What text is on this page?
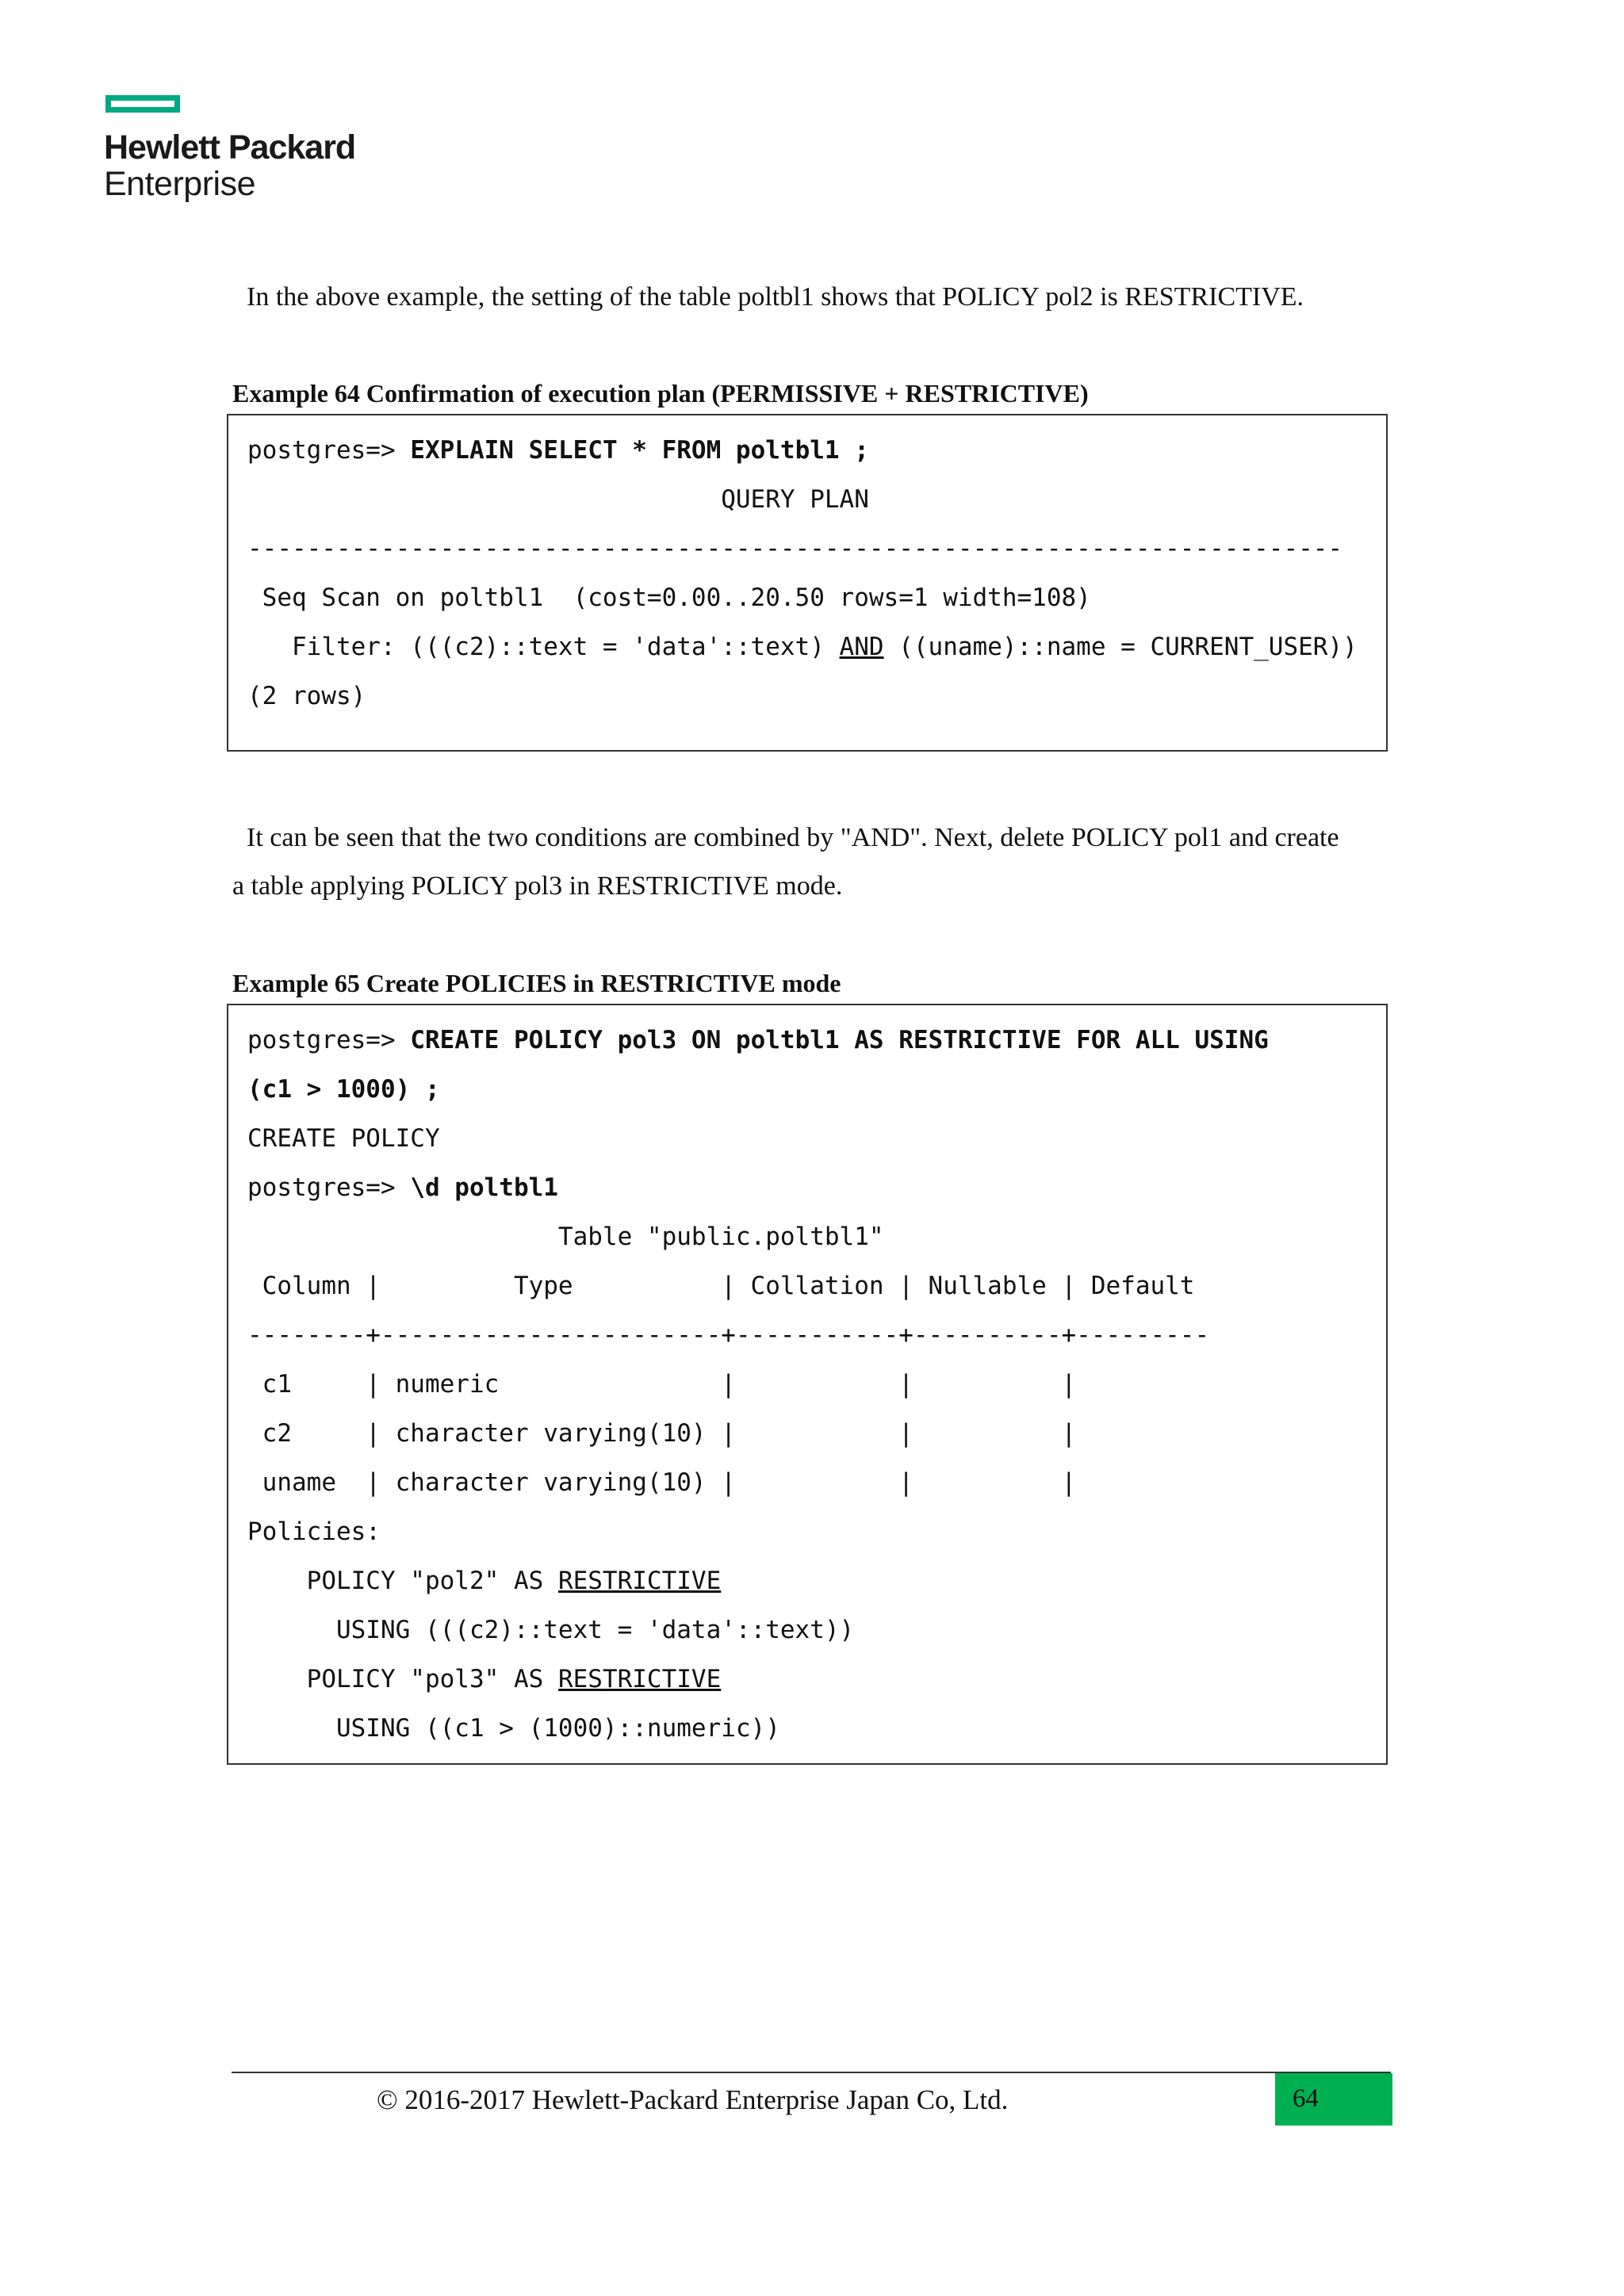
Hewlett Packard
Enterprise
In the above example, the setting of the table poltbl1 shows that POLICY pol2 is RESTRICTIVE.
Example 64 Confirmation of execution plan (PERMISSIVE + RESTRICTIVE)
postgres=> EXPLAIN SELECT * FROM poltbl1 ;
QUERY PLAN
--------------------------------------------------------------------------
Seq Scan on poltbl1  (cost=0.00..20.50 rows=1 width=108)
Filter: (((c2)::text = 'data'::text) AND ((uname)::name = CURRENT_USER))
(2 rows)
It can be seen that the two conditions are combined by "AND". Next, delete POLICY pol1 and create
a table applying POLICY pol3 in RESTRICTIVE mode.
Example 65 Create POLICIES in RESTRICTIVE mode
postgres=> CREATE POLICY pol3 ON poltbl1 AS RESTRICTIVE FOR ALL USING
(c1 > 1000) ;
CREATE POLICY
postgres=> \d poltbl1
Table "public.poltbl1"
Column |         Type          | Collation | Nullable | Default
--------+-----------------------+-----------+----------+---------
c1     | numeric               |           |          |
c2     | character varying(10) |           |          |
uname  | character varying(10) |           |          |
Policies:
POLICY "pol2" AS RESTRICTIVE
USING (((c2)::text = 'data'::text))
POLICY "pol3" AS RESTRICTIVE
USING ((c1 > (1000)::numeric))
© 2016-2017 Hewlett-Packard Enterprise Japan Co, Ltd.	64
